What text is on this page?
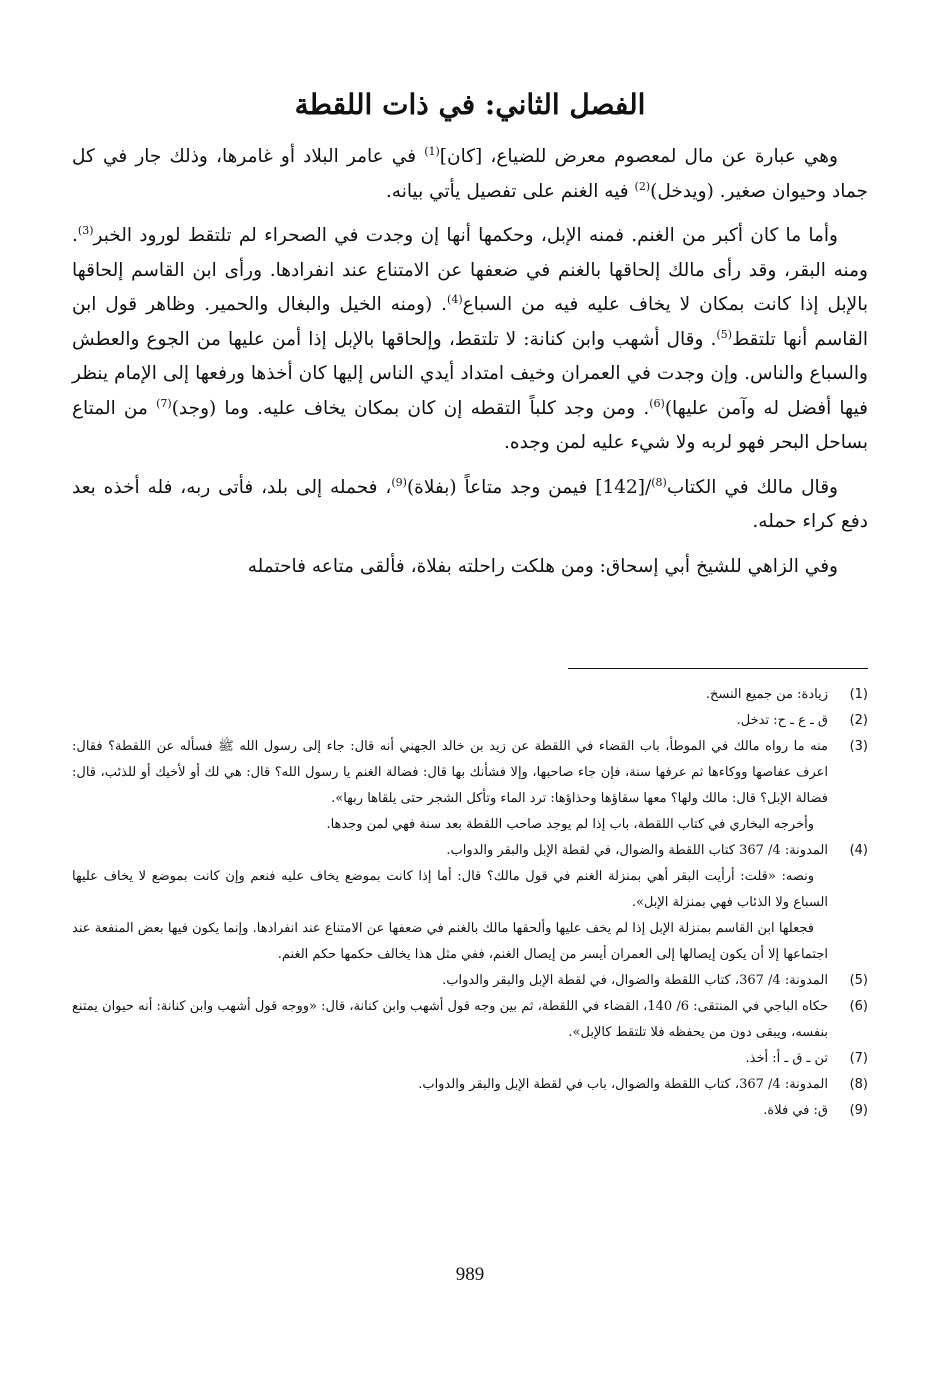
الفصل الثاني: في ذات اللقطة

وهي عبارة عن مال لمعصوم معرض للضياع، [كان]$^{(1)}$ في عامر البلاد أو غامرها، وذلك جار في كل جماد وحيوان صغير. (ويدخل)$^{(2)}$ فيه الغنم على تفصيل يأتي بيانه.

وأما ما كان أكبر من الغنم. فمنه الإبل، وحكمها أنها إن وجدت في الصحراء لم تلتقط لورود الخبر$^{(3)}$. ومنه البقر، وقد رأى مالك إلحاقها بالغنم في ضعفها عن الامتناع عند انفرادها. ورأى ابن القاسم إلحاقها بالإبل إذا كانت بمكان لا يخاف عليه فيه من السباع$^{(4)}$. (ومنه الخيل والبغال والحمير. وظاهر قول ابن القاسم أنها تلتقط$^{(5)}$. وقال أشهب وابن كنانة: لا تلتقط، وإلحاقها بالإبل إذا أمن عليها من الجوع والعطش والسباع والناس. وإن وجدت في العمران وخيف امتداد أيدي الناس إليها كان أخذها ورفعها إلى الإمام ينظر فيها أفضل له وآمن عليها)$^{(6)}$. ومن وجد كلباً التقطه إن كان بمكان يخاف عليه. وما (وجد)$^{(7)}$ من المتاع بساحل البحر فهو لربه ولا شيء عليه لمن وجده.

وقال مالك في الكتاب$^{(8)}$/[142] فيمن وجد متاعاً (بفلاة)$^{(9)}$، فحمله إلى بلد، فأتى ربه، فله أخذه بعد دفع كراء حمله.

وفي الزاهي للشيخ أبي إسحاق: ومن هلكت راحلته بفلاة، فألقى متاعه فاحتمله

(1)
زيادة: من جميع النسخ.
(2)
ق ـ ع ـ ح: تدخل.
(3)
منه ما رواه مالك في الموطأ، باب القضاء في اللقطة عن زيد بن خالد الجهني أنه قال: جاء إلى رسول الله ﷺ فسأله عن اللقطة؟ فقال: اعرف عفاصها ووكاءها ثم عرفها سنة، فإن جاء صاحبها، وإلا فشأنك بها قال: فضالة الغنم يا رسول الله؟ قال: هي لك أو لأخيك أو للذئب، قال: فضالة الإبل؟ قال: مالك ولها؟ معها سقاؤها وحذاؤها: ترد الماء وتأكل الشجر حتى يلقاها ربها».
وأخرجه البخاري في كتاب اللقطة، باب إذا لم يوجد صاحب اللقطة بعد سنة فهي لمن وجدها.
(4)
المدونة: 4/ 367 كتاب اللقطة والضوال، في لقطة الإبل والبقر والدواب.
ونصه: «قلت: أرأيت البقر أهي بمنزلة الغنم في قول مالك؟ قال: أما إذا كانت بموضع يخاف عليه فنعم وإن كانت بموضع لا يخاف عليها السباع ولا الذئاب فهي بمنزلة الإبل».
فجعلها ابن القاسم بمنزلة الإبل إذا لم يخف عليها وألحقها مالك بالغنم في ضعفها عن الامتناع عند انفرادها. وإنما يكون فيها بعض المنفعة عند اجتماعها إلا أن يكون إيصالها إلى العمران أيسر من إيصال الغنم، ففي مثل هذا يخالف حكمها حكم الغنم.
(5)
المدونة: 4/ 367، كتاب اللقطة والضوال، في لقطة الإبل والبقر والدواب.
(6)
حكاه الباجي في المنتقى: 6/ 140، القضاء في اللقطة، ثم بين وجه قول أشهب وابن كنانة، قال: «ووجه قول أشهب وابن كنانة: أنه حيوان يمتنع بنفسه، ويبقى دون من يحفظه فلا تلتقط كالإبل».
(7)
تن ـ ق ـ أ: أخذ.
(8)
المدونة: 4/ 367، كتاب اللقطة والضوال، باب في لقطة الإبل والبقر والدواب.
(9)
ق: في فلاة.
989
